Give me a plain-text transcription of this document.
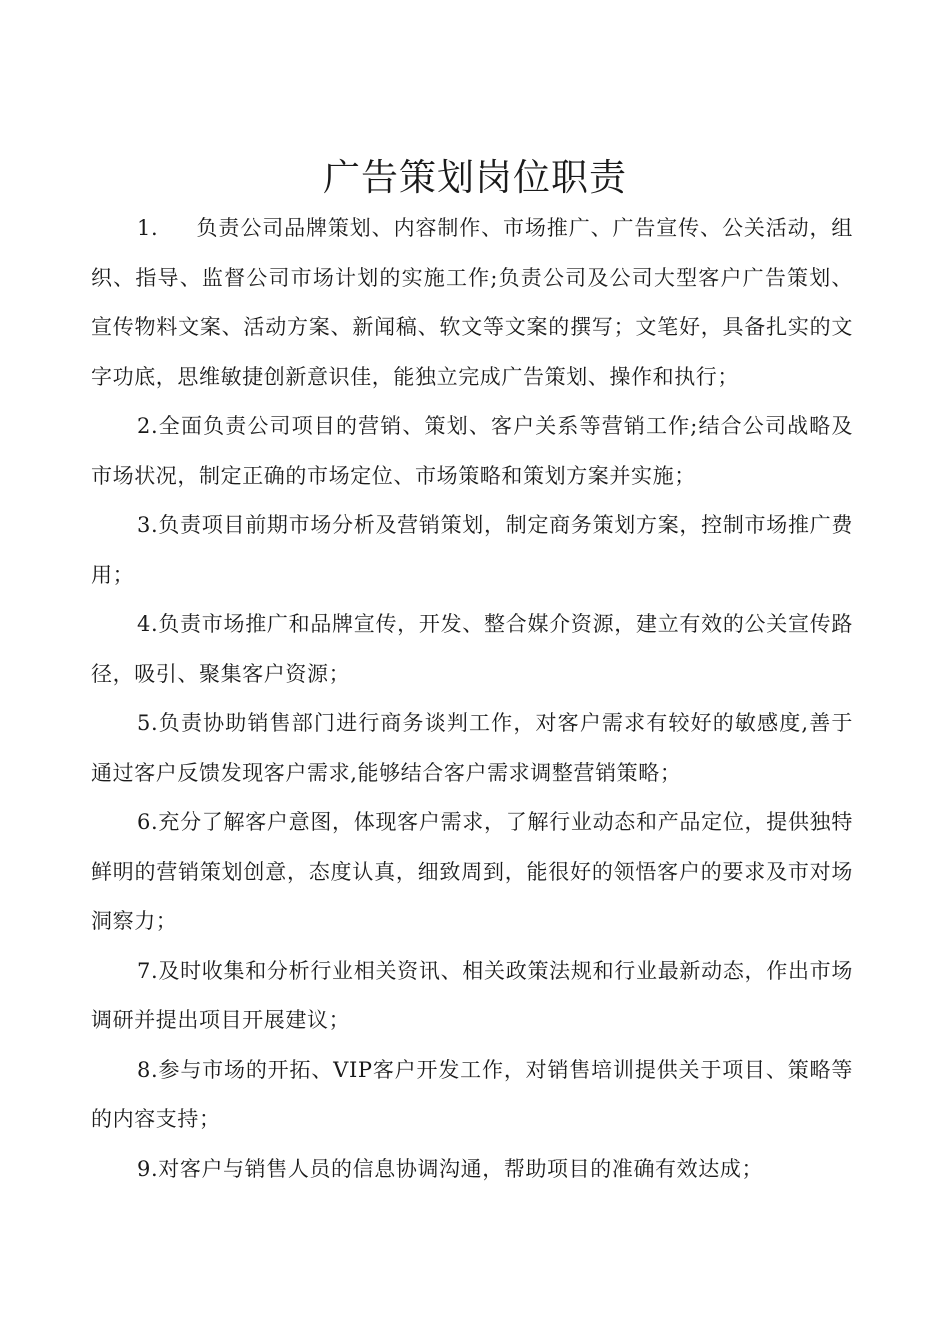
广告策划岗位职责

1. 负责公司品牌策划、内容制作、市场推广、广告宣传、公关活动，组织、指导、监督公司市场计划的实施工作;负责公司及公司大型客户广告策划、宣传物料文案、活动方案、新闻稿、软文等文案的撰写；文笔好，具备扎实的文字功底，思维敏捷创新意识佳，能独立完成广告策划、操作和执行；

2.全面负责公司项目的营销、策划、客户关系等营销工作;结合公司战略及市场状况，制定正确的市场定位、市场策略和策划方案并实施；

3.负责项目前期市场分析及营销策划，制定商务策划方案，控制市场推广费用；

4.负责市场推广和品牌宣传，开发、整合媒介资源，建立有效的公关宣传路径，吸引、聚集客户资源；

5.负责协助销售部门进行商务谈判工作，对客户需求有较好的敏感度,善于通过客户反馈发现客户需求,能够结合客户需求调整营销策略；

6.充分了解客户意图，体现客户需求，了解行业动态和产品定位，提供独特鲜明的营销策划创意，态度认真，细致周到，能很好的领悟客户的要求及市对场洞察力；

7.及时收集和分析行业相关资讯、相关政策法规和行业最新动态，作出市场调研并提出项目开展建议；

8.参与市场的开拓、VIP客户开发工作，对销售培训提供关于项目、策略等的内容支持；

9.对客户与销售人员的信息协调沟通，帮助项目的准确有效达成；
